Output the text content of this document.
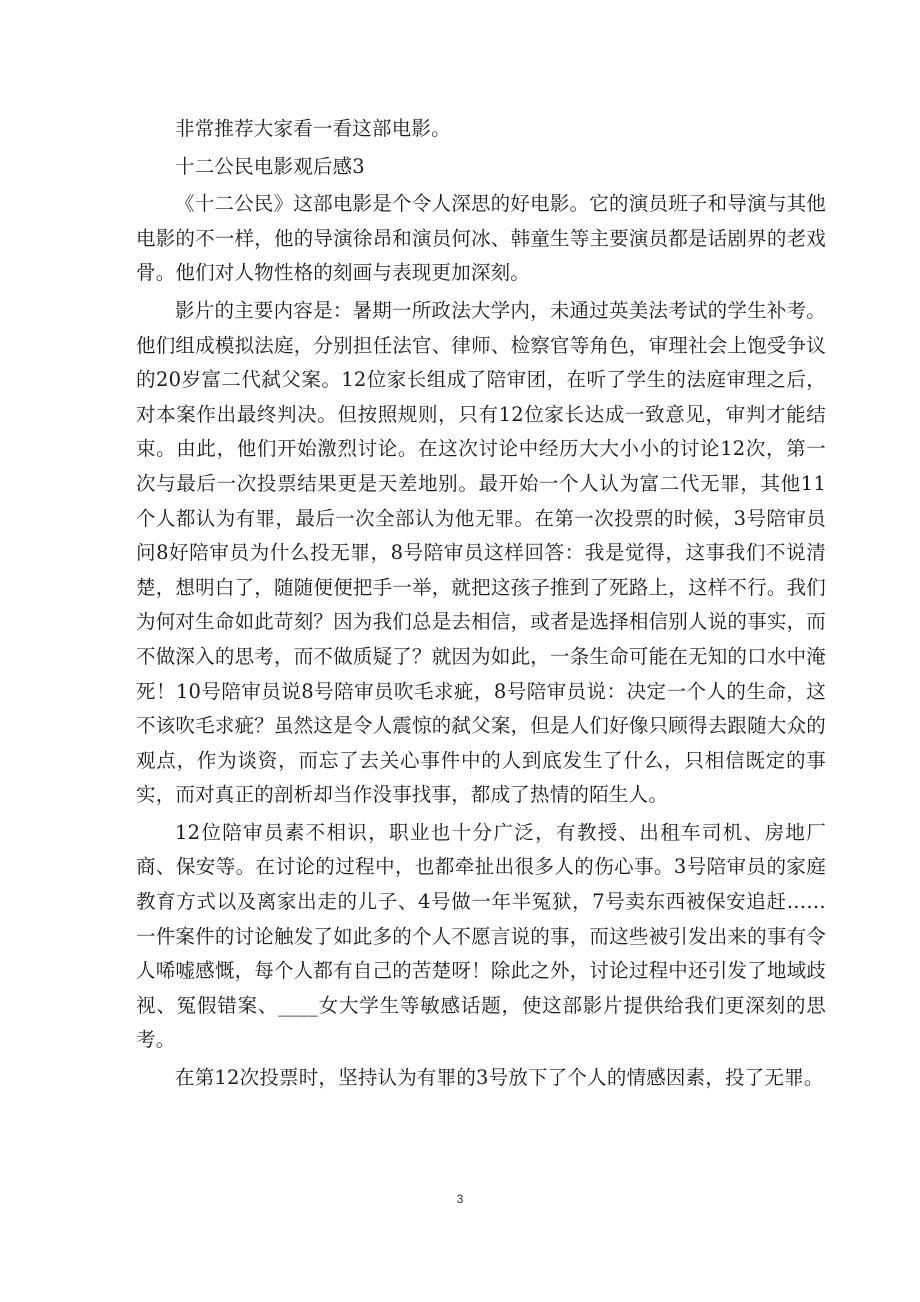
非常推荐大家看一看这部电影。

十二公民电影观后感3

《十二公民》这部电影是个令人深思的好电影。它的演员班子和导演与其他电影的不一样，他的导演徐昂和演员何冰、韩童生等主要演员都是话剧界的老戏骨。他们对人物性格的刻画与表现更加深刻。

影片的主要内容是：暑期一所政法大学内，未通过英美法考试的学生补考。他们组成模拟法庭，分别担任法官、律师、检察官等角色，审理社会上饱受争议的20岁富二代弑父案。12位家长组成了陪审团，在听了学生的法庭审理之后，对本案作出最终判决。但按照规则，只有12位家长达成一致意见，审判才能结束。由此，他们开始激烈讨论。在这次讨论中经历大大小小的讨论12次，第一次与最后一次投票结果更是天差地别。最开始一个人认为富二代无罪，其他11个人都认为有罪，最后一次全部认为他无罪。在第一次投票的时候，3号陪审员问8好陪审员为什么投无罪，8号陪审员这样回答：我是觉得，这事我们不说清楚，想明白了，随随便便把手一举，就把这孩子推到了死路上，这样不行。我们为何对生命如此苛刻？因为我们总是去相信，或者是选择相信别人说的事实，而不做深入的思考，而不做质疑了？就因为如此，一条生命可能在无知的口水中淹死！10号陪审员说8号陪审员吹毛求疵，8号陪审员说：决定一个人的生命，这不该吹毛求疵？虽然这是令人震惊的弑父案，但是人们好像只顾得去跟随大众的观点，作为谈资，而忘了去关心事件中的人到底发生了什么，只相信既定的事实，而对真正的剖析却当作没事找事，都成了热情的陌生人。

12位陪审员素不相识，职业也十分广泛，有教授、出租车司机、房地厂商、保安等。在讨论的过程中，也都牵扯出很多人的伤心事。3号陪审员的家庭教育方式以及离家出走的儿子、4号做一年半冤狱，7号卖东西被保安追赶……一件案件的讨论触发了如此多的个人不愿言说的事，而这些被引发出来的事有令人唏嘘感慨，每个人都有自己的苦楚呀！除此之外，讨论过程中还引发了地域歧视、冤假错案、____女大学生等敏感话题，使这部影片提供给我们更深刻的思考。

在第12次投票时，坚持认为有罪的3号放下了个人的情感因素，投了无罪。

3
